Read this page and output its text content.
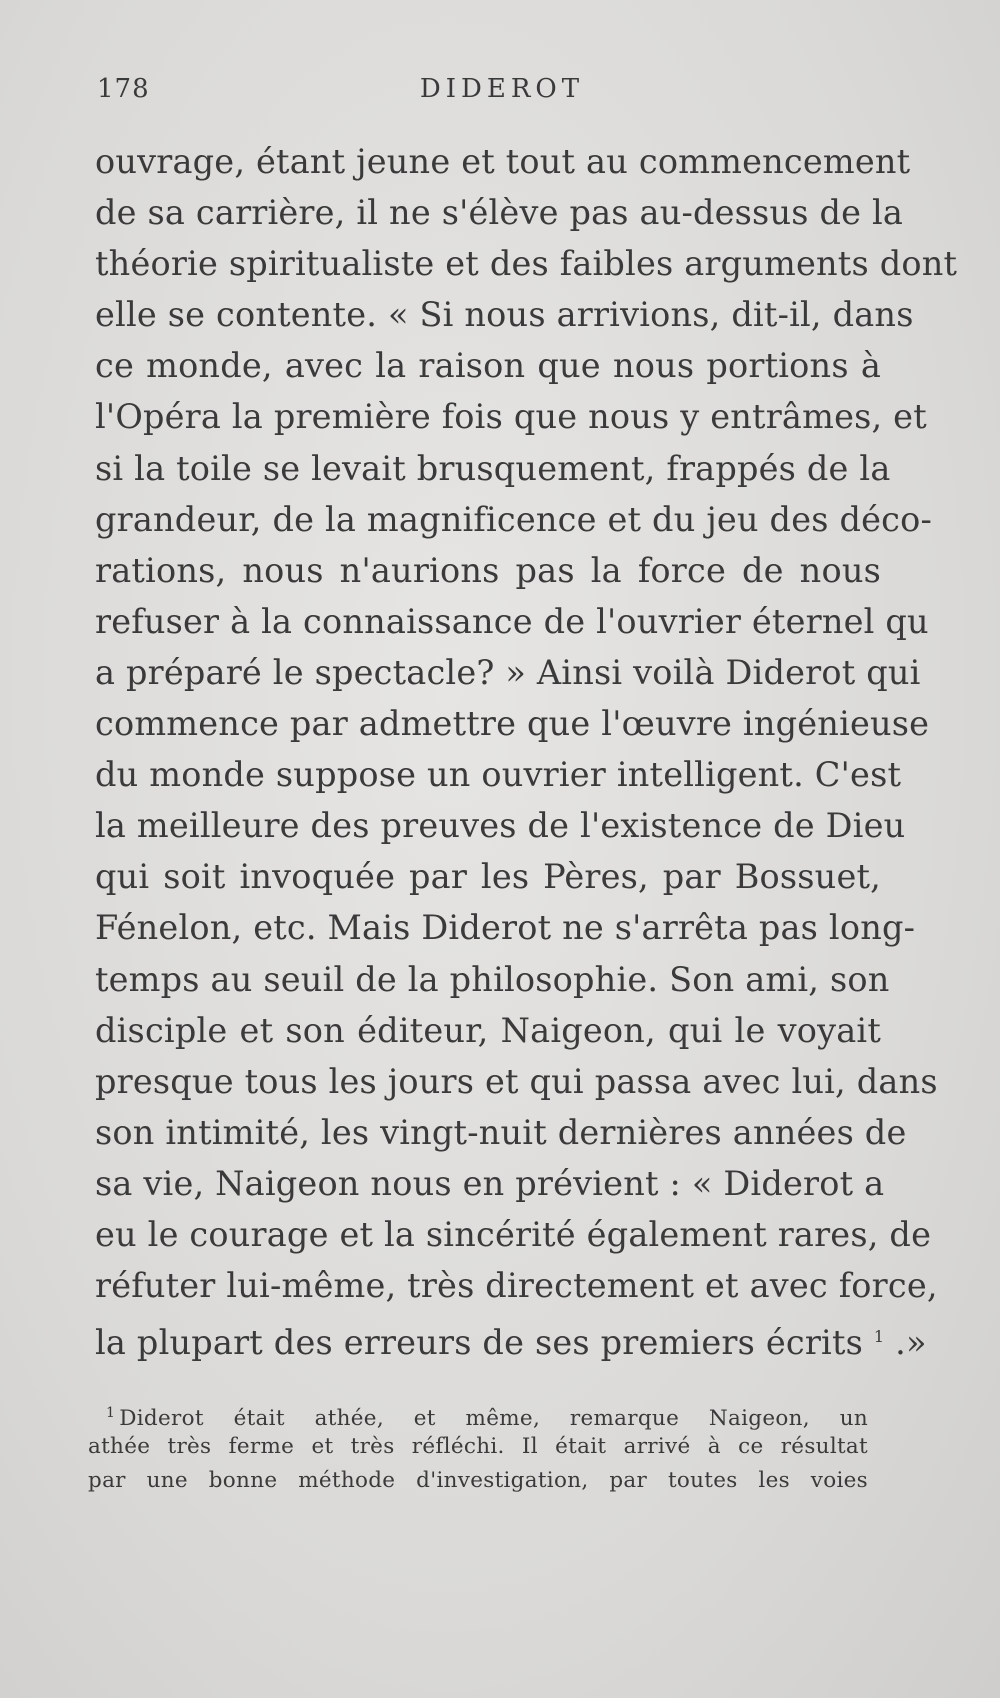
178	DIDEROT
ouvrage, étant jeune et tout au commencement
de sa carrière, il ne s'élève pas au-dessus de la
théorie spiritualiste et des faibles arguments dont
elle se contente. « Si nous arrivions, dit-il, dans
ce monde, avec la raison que nous portions à
l'Opéra la première fois que nous y entrâmes, et
si la toile se levait brusquement, frappés de la
grandeur, de la magnificence et du jeu des déco-
rations, nous n'aurions pas la force de nous
refuser à la connaissance de l'ouvrier éternel qu
a préparé le spectacle? » Ainsi voilà Diderot qui
commence par admettre que l'œuvre ingénieuse
du monde suppose un ouvrier intelligent. C'est
la meilleure des preuves de l'existence de Dieu
qui soit invoquée par les Pères, par Bossuet,
Fénelon, etc. Mais Diderot ne s'arrêta pas long-
temps au seuil de la philosophie. Son ami, son
disciple et son éditeur, Naigeon, qui le voyait
presque tous les jours et qui passa avec lui, dans
son intimité, les vingt-nuit dernières années de
sa vie, Naigeon nous en prévient : « Diderot a
eu le courage et la sincérité également rares, de
réfuter lui-même, très directement et avec force,
la plupart des erreurs de ses premiers écrits $^1$ .»
$^1$ Diderot était athée, et même, remarque Naigeon, un
athée très ferme et très réfléchi. Il était arrivé à ce résultat
par une bonne méthode d'investigation, par toutes les voies
